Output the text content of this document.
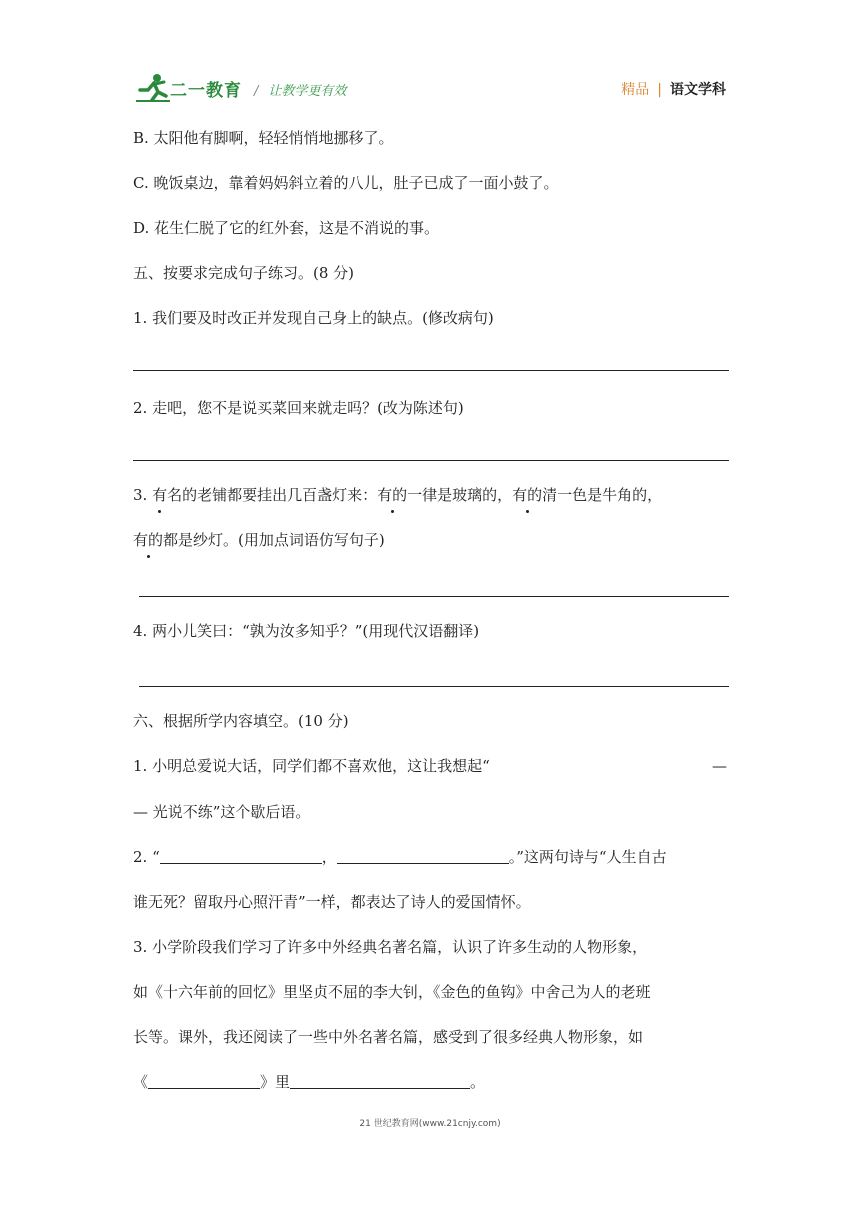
二一教育 / 让教学更有效	精品 | 语文学科
B. 太阳他有脚啊，轻轻悄悄地挪移了。
C. 晚饭桌边，靠着妈妈斜立着的八儿，肚子已成了一面小鼓了。
D. 花生仁脱了它的红外套，这是不消说的事。
五、按要求完成句子练习。(8 分)
1. 我们要及时改正并发现自己身上的缺点。(修改病句)
2. 走吧，您不是说买菜回来就走吗？(改为陈述句)
3. 有名的老铺都要挂出几百盏灯来：有的一律是玻璃的，有的清一色是牛角的，
有的都是纱灯。(用加点词语仿写句子)
4. 两小儿笑曰：“孰为汝多知乎？”(用现代汉语翻译)
六、根据所学内容填空。(10 分)
1. 小明总爱说大话，同学们都不喜欢他，这让我想起“	—
— 光说不练”这个歇后语。
2. “	，	。”这两句诗与“人生自古
谁无死？留取丹心照汗青”一样，都表达了诗人的爱国情怀。
3. 小学阶段我们学习了许多中外经典名著名篇，认识了许多生动的人物形象，
如《十六年前的回忆》里坚贞不屈的李大钊，《金色的鱼钩》中舍己为人的老班
长等。课外，我还阅读了一些中外名著名篇，感受到了很多经典人物形象，如
《	》里	。
21 世纪教育网(www.21cnjy.com)
